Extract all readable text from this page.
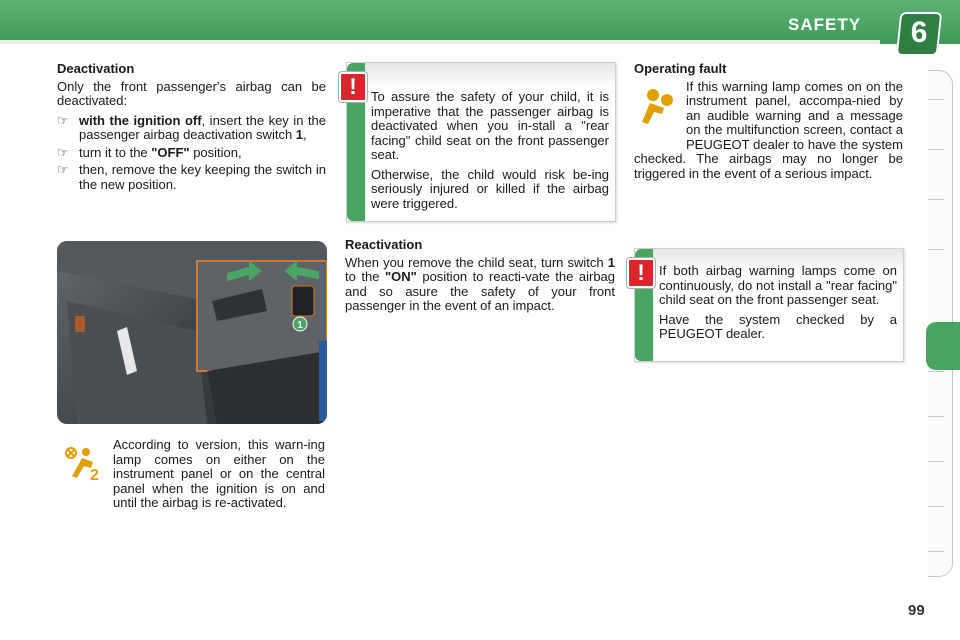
SAFETY	6
Deactivation

Only the front passenger's airbag can be deactivated:

☞ with the ignition off, insert the key in the passenger airbag deactivation switch 1,
☞ turn it to the "OFF" position,
☞ then, remove the key keeping the switch in the new position.
1
2
According to version, this warn-ing lamp comes on either on the instrument panel or on the central panel when the ignition is on and until the airbag is re-activated.

To assure the safety of your child, it is imperative that the passenger airbag is deactivated when you in-stall a "rear facing" child seat on the front passenger seat.

Otherwise, the child would risk be-ing seriously injured or killed if the airbag were triggered.

!
Reactivation

When you remove the child seat, turn switch 1 to the "ON" position to reacti-vate the airbag and so asure the safety of your front passenger in the event of an impact.

Operating fault

If this warning lamp comes on on the instrument panel, accompa-nied by an audible warning and a message on the multifunction screen, contact a PEUGEOT dealer to have the system checked. The airbags may no longer be triggered in the event of a serious impact.

If both airbag warning lamps come on continuously, do not install a "rear facing" child seat on the front passenger seat.

Have the system checked by a PEUGEOT dealer.

!
99
